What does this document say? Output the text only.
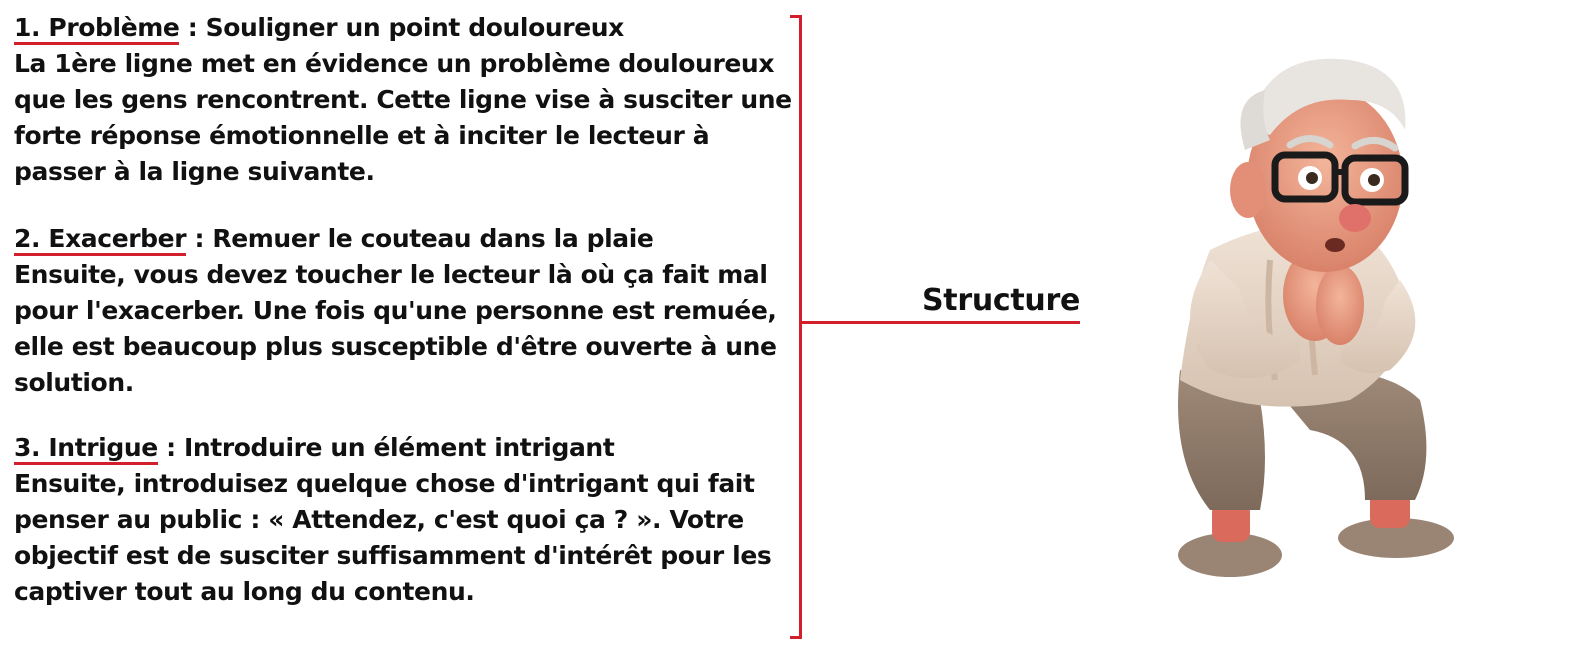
1. Problème : Souligner un point douloureux
La 1ère ligne met en évidence un problème douloureux
que les gens rencontrent. Cette ligne vise à susciter une
forte réponse émotionnelle et à inciter le lecteur à
passer à la ligne suivante.
2. Exacerber : Remuer le couteau dans la plaie
Ensuite, vous devez toucher le lecteur là où ça fait mal
pour l'exacerber. Une fois qu'une personne est remuée,
elle est beaucoup plus susceptible d'être ouverte à une
solution.
3. Intrigue : Introduire un élément intrigant
Ensuite, introduisez quelque chose d'intrigant qui fait
penser au public : « Attendez, c'est quoi ça ? ». Votre
objectif est de susciter suffisamment d'intérêt pour les
captiver tout au long du contenu.
Structure
